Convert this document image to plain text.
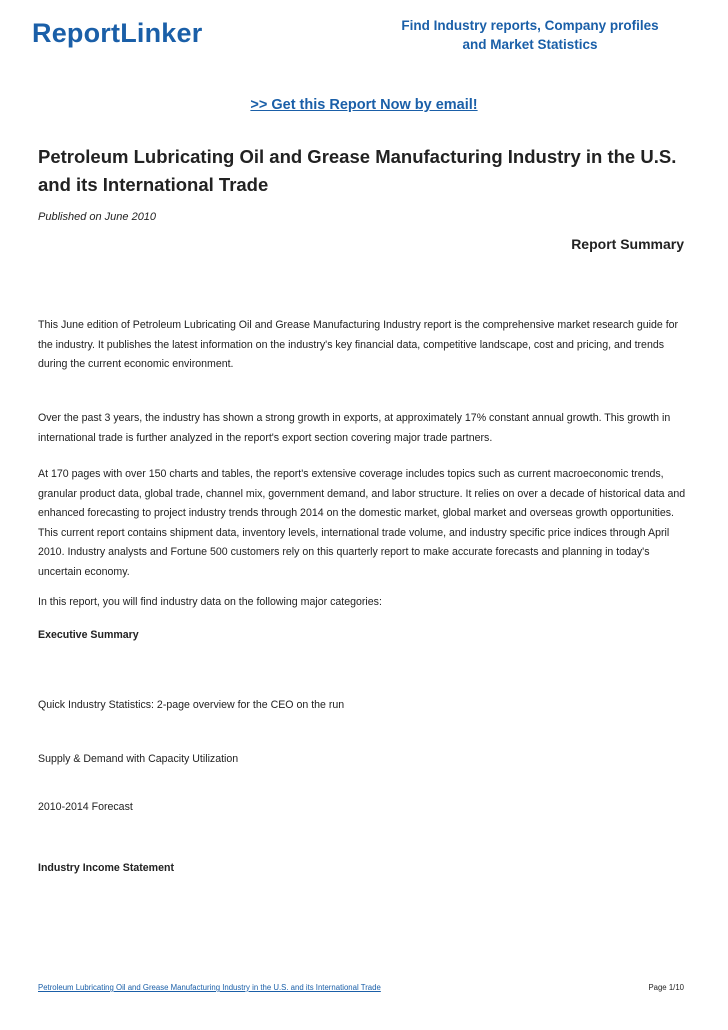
ReportLinker	Find Industry reports, Company profiles
and Market Statistics
>> Get this Report Now by email!
Petroleum Lubricating Oil and Grease Manufacturing Industry in the U.S. and its International Trade
Published on June 2010
Report Summary

This June edition of Petroleum Lubricating Oil and Grease Manufacturing Industry report is the comprehensive market research guide for the industry. It publishes the latest information on the industry's key financial data, competitive landscape, cost and pricing, and trends during the current economic environment.

Over the past 3 years, the industry has shown a strong growth in exports, at approximately 17% constant annual growth. This growth in international trade is further analyzed in the report's export section covering major trade partners.

At 170 pages with over 150 charts and tables, the report's extensive coverage includes topics such as current macroeconomic trends, granular product data, global trade, channel mix, government demand, and labor structure. It relies on over a decade of historical data and enhanced forecasting to project industry trends through 2014 on the domestic market, global market and overseas growth opportunities. This current report contains shipment data, inventory levels, international trade volume, and industry specific price indices through April 2010. Industry analysts and Fortune 500 customers rely on this quarterly report to make accurate forecasts and planning in today's uncertain economy.

In this report, you will find industry data on the following major categories:

Executive Summary

Quick Industry Statistics: 2-page overview for the CEO on the run

Supply & Demand with Capacity Utilization

2010-2014 Forecast

Industry Income Statement

Petroleum Lubricating Oil and Grease Manufacturing Industry in the U.S. and its International Trade	Page 1/10
